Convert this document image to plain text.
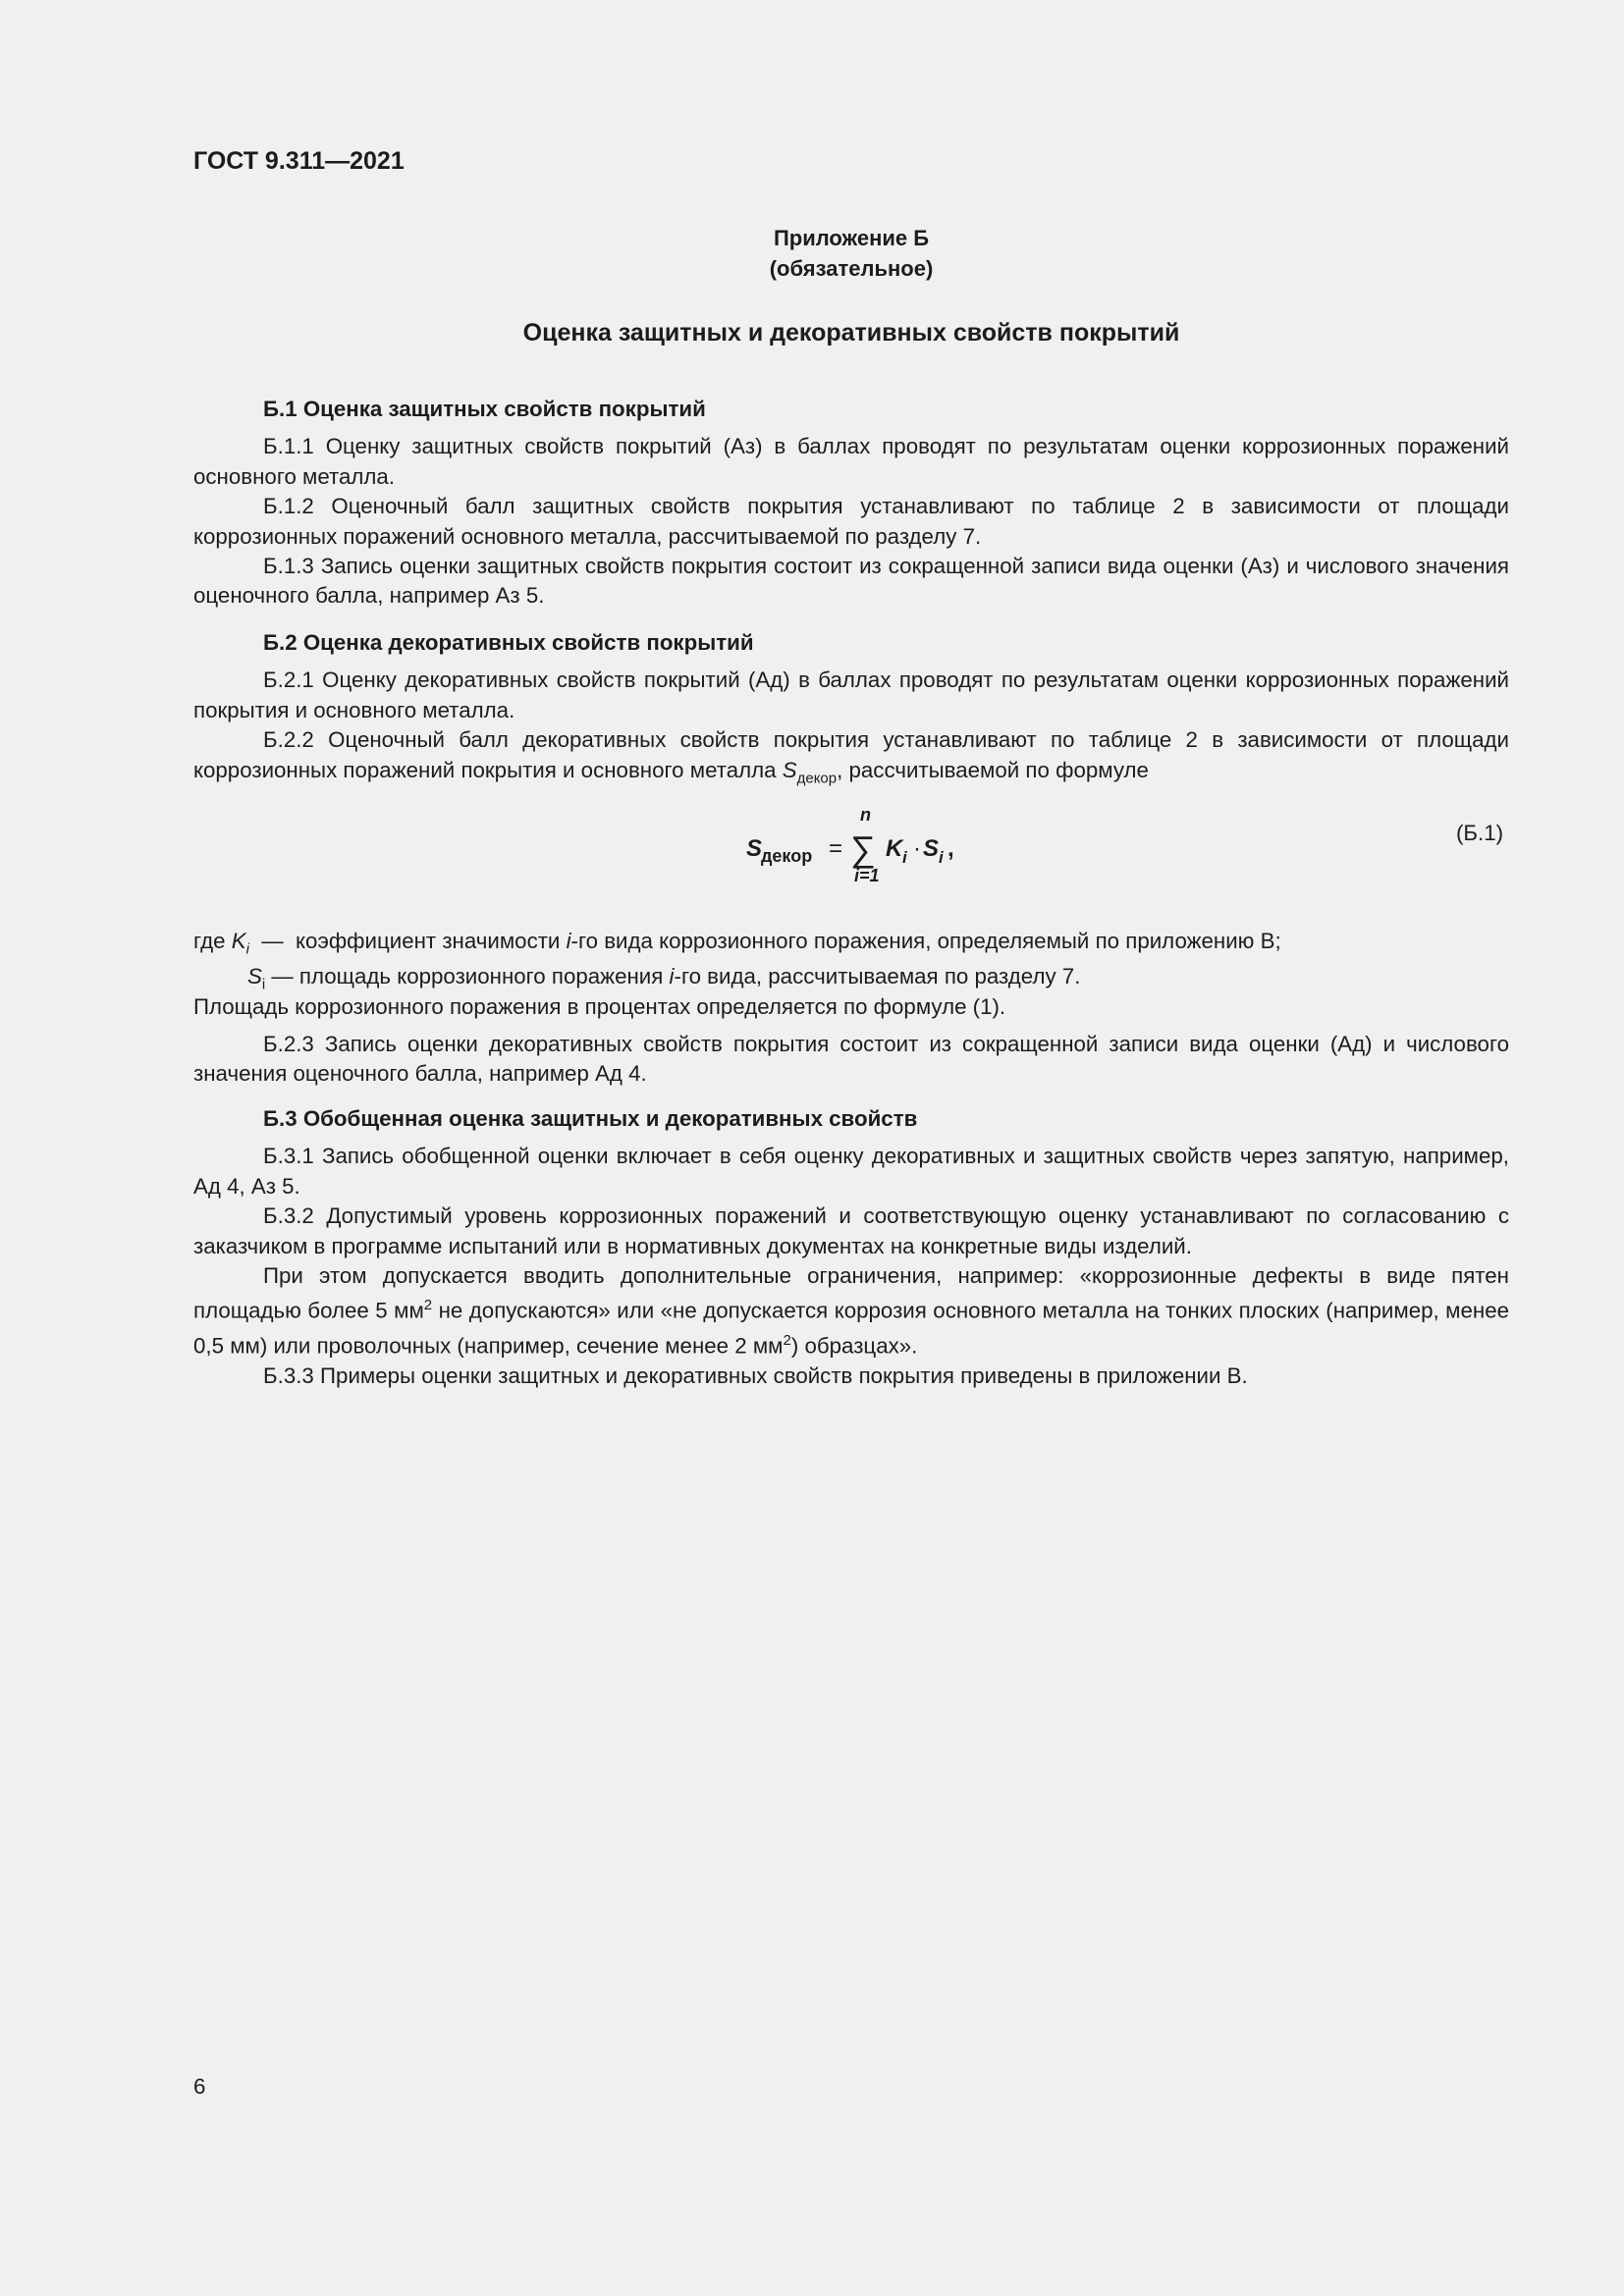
ГОСТ 9.311—2021
Приложение Б
(обязательное)
Оценка защитных и декоративных свойств покрытий

Б.1 Оценка защитных свойств покрытий

Б.1.1 Оценку защитных свойств покрытий (Аз) в баллах проводят по результатам оценки коррозионных поражений основного металла.

Б.1.2 Оценочный балл защитных свойств покрытия устанавливают по таблице 2 в зависимости от площади коррозионных поражений основного металла, рассчитываемой по разделу 7.

Б.1.3 Запись оценки защитных свойств покрытия состоит из сокращенной записи вида оценки (Аз) и числового значения оценочного балла, например Аз 5.

Б.2 Оценка декоративных свойств покрытий

Б.2.1 Оценку декоративных свойств покрытий (Ад) в баллах проводят по результатам оценки коррозионных поражений покрытия и основного металла.

Б.2.2 Оценочный балл декоративных свойств покрытия устанавливают по таблице 2 в зависимости от площади коррозионных поражений покрытия и основного металла $S_{декор}$, рассчитываемой по формуле

S
декор =
n
∑
i=1
K i · S i ,
(Б.1)
где $K_i$  —  коэффициент значимости i-го вида коррозионного поражения, определяемый по приложению В;
$S_i$ — площадь коррозионного поражения i-го вида, рассчитываемая по разделу 7.

Площадь коррозионного поражения в процентах определяется по формуле (1).

Б.2.3 Запись оценки декоративных свойств покрытия состоит из сокращенной записи вида оценки (Ад) и числового значения оценочного балла, например Ад 4.

Б.3 Обобщенная оценка защитных и декоративных свойств

Б.3.1 Запись обобщенной оценки включает в себя оценку декоративных и защитных свойств через запятую, например, Ад 4, Аз 5.

Б.3.2 Допустимый уровень коррозионных поражений и соответствующую оценку устанавливают по согласованию с заказчиком в программе испытаний или в нормативных документах на конкретные виды изделий.

При этом допускается вводить дополнительные ограничения, например: «коррозионные дефекты в виде пятен площадью более 5 $мм^2$ не допускаются» или «не допускается коррозия основного металла на тонких плоских (например, менее 0,5 мм) или проволочных (например, сечение менее 2 $мм^2$) образцах».

Б.3.3 Примеры оценки защитных и декоративных свойств покрытия приведены в приложении В.

6
